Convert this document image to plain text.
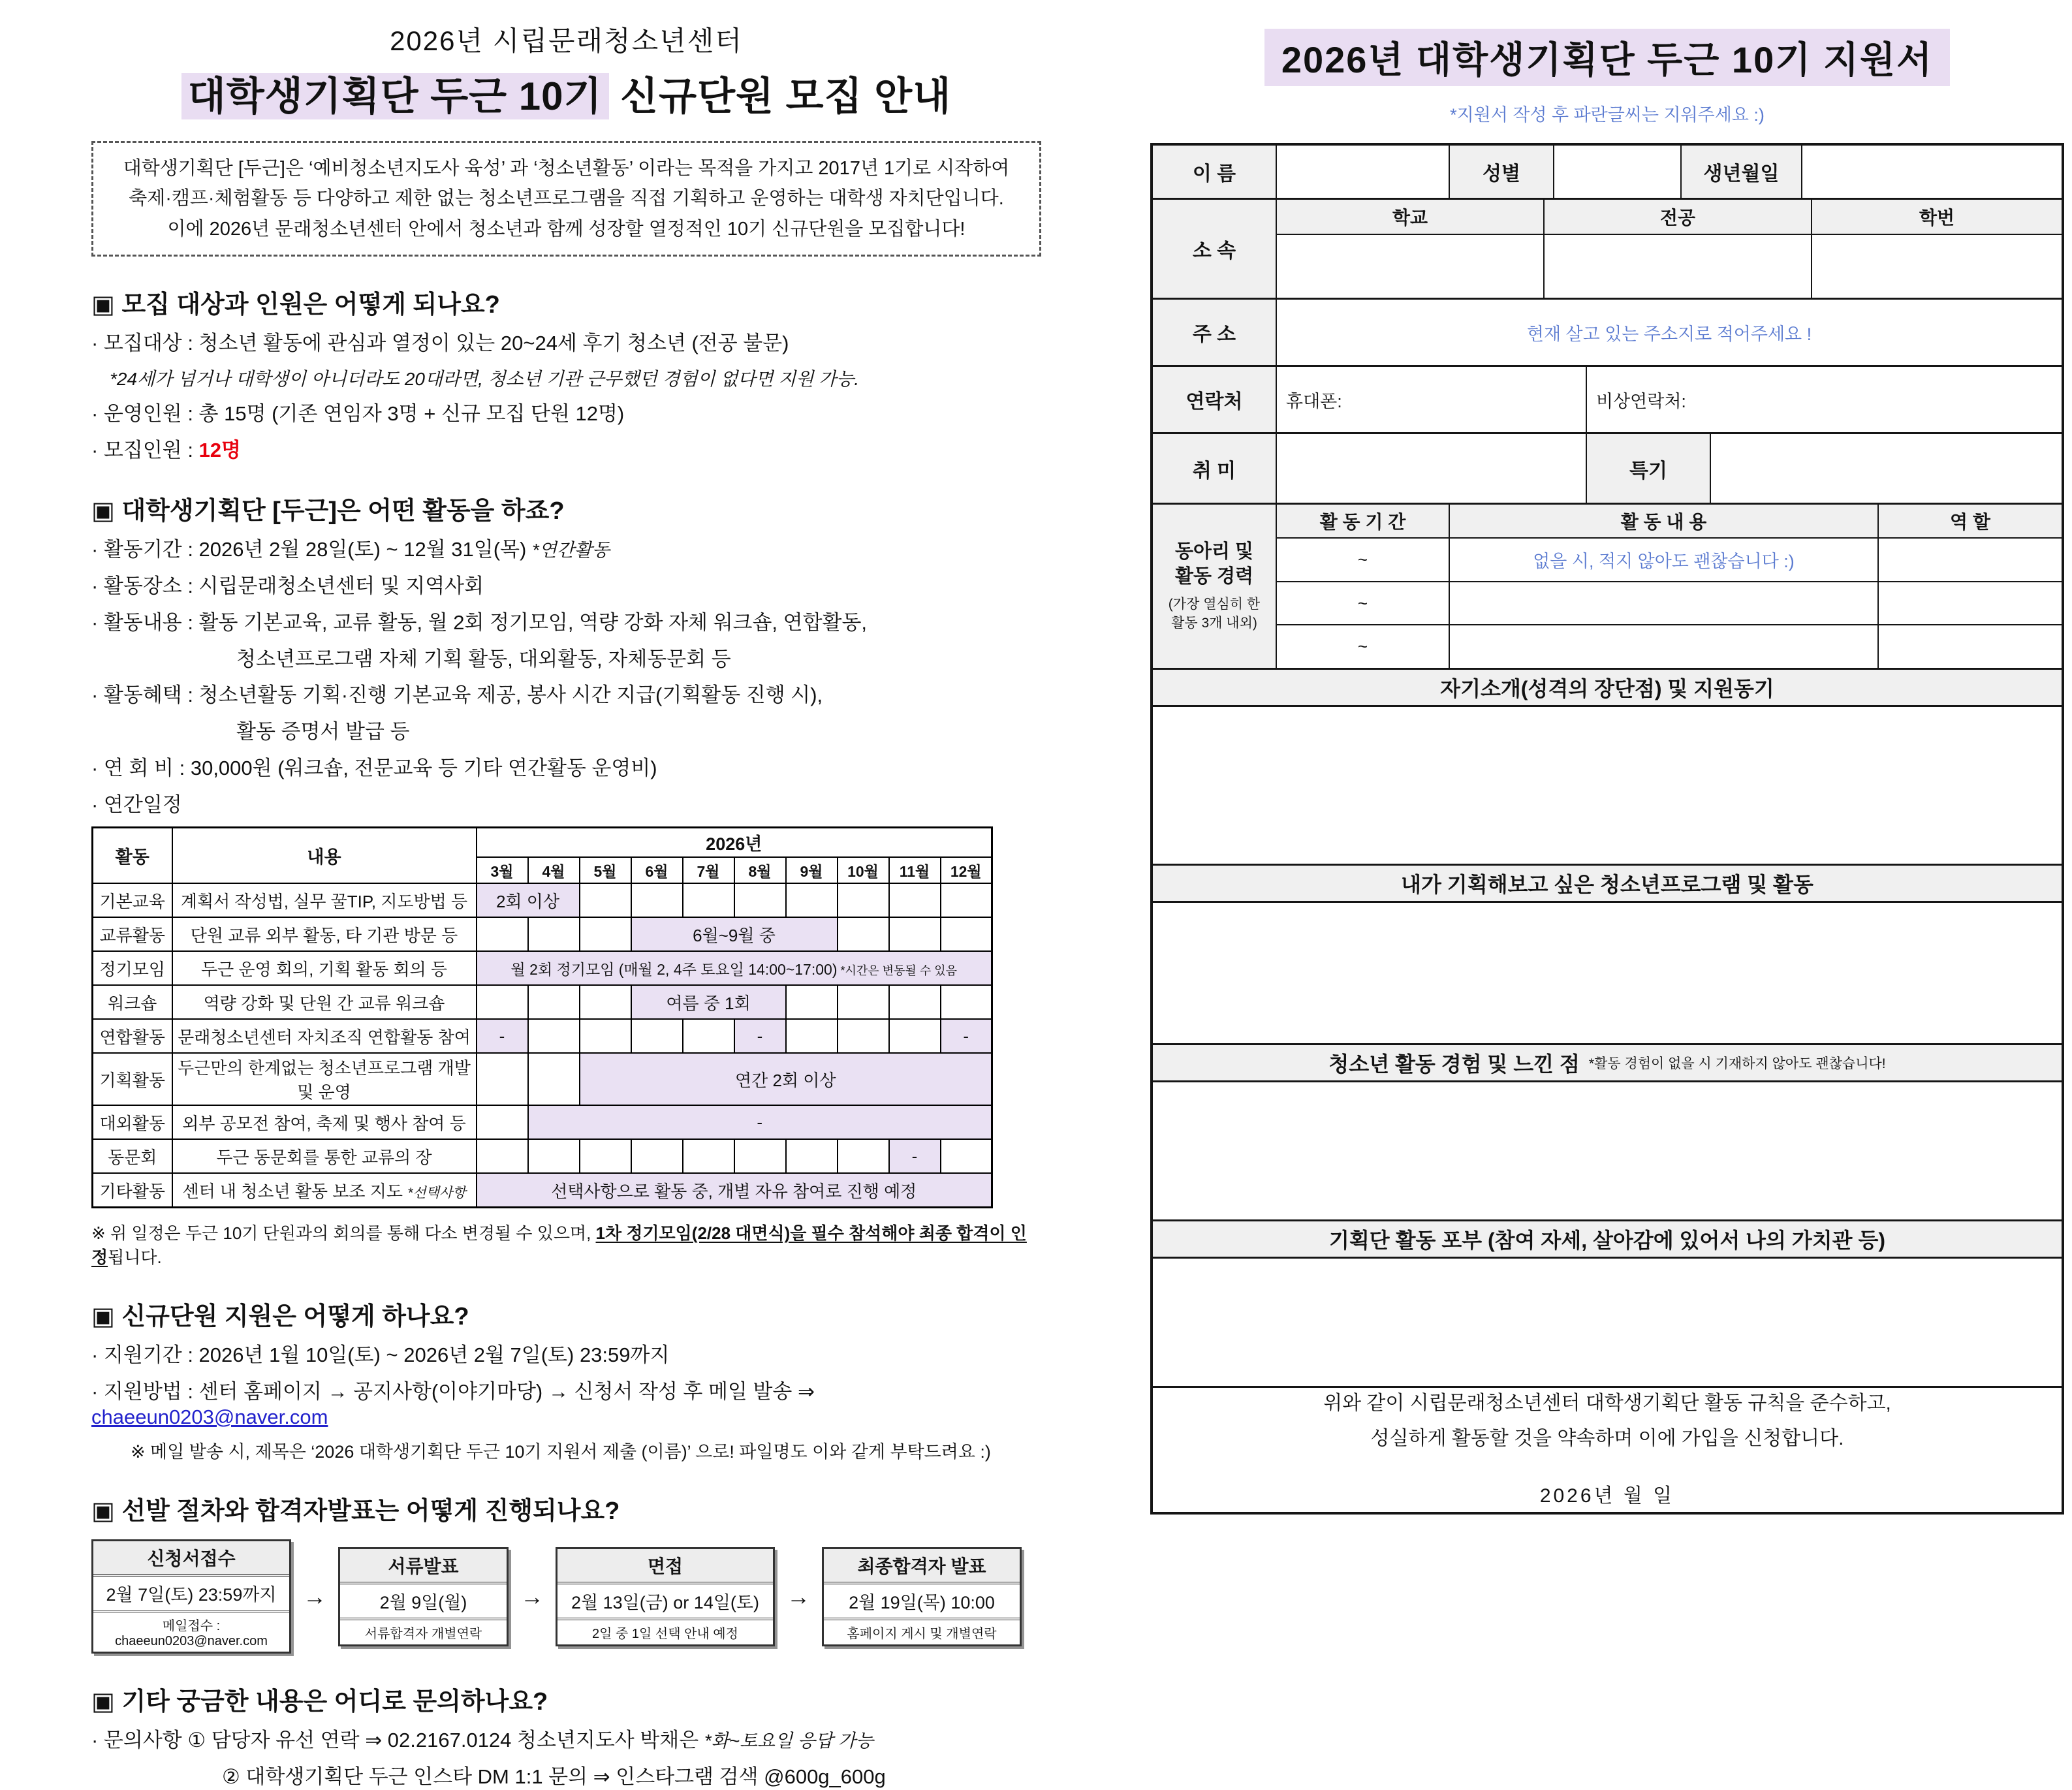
2026년 시립문래청소년센터
대학생기획단 두근 10기 신규단원 모집 안내
대학생기획단 [두근]은 ‘예비청소년지도사 육성’ 과 ‘청소년활동’ 이라는 목적을 가지고 2017년 1기로 시작하여
축제·캠프·체험활동 등 다양하고 제한 없는 청소년프로그램을 직접 기획하고 운영하는 대학생 자치단입니다.
이에 2026년 문래청소년센터 안에서 청소년과 함께 성장할 열정적인 10기 신규단원을 모집합니다!
▣ 모집 대상과 인원은 어떻게 되나요?
· 모집대상 : 청소년 활동에 관심과 열정이 있는 20~24세 후기 청소년 (전공 불문)
*24세가 넘거나 대학생이 아니더라도 20대라면, 청소년 기관 근무했던 경험이 없다면 지원 가능.
· 운영인원 : 총 15명 (기존 연임자 3명 + 신규 모집 단원 12명)
· 모집인원 : 12명
▣ 대학생기획단 [두근]은 어떤 활동을 하죠?
· 활동기간 : 2026년 2월 28일(토) ~ 12월 31일(목) *연간활동
· 활동장소 : 시립문래청소년센터 및 지역사회
· 활동내용 : 활동 기본교육, 교류 활동, 월 2회 정기모임, 역량 강화 자체 워크숍, 연합활동,
청소년프로그램 자체 기획 활동, 대외활동, 자체동문회 등
· 활동혜택 : 청소년활동 기획·진행 기본교육 제공, 봉사 시간 지급(기획활동 진행 시),
활동 증명서 발급 등
· 연 회 비 : 30,000원 (워크숍, 전문교육 등 기타 연간활동 운영비)
· 연간일정
활동	내용	2026년									
		3월	4월	5월	6월	7월	8월	9월	10월	11월	12월
기본교육	계획서 작성법, 실무 꿀TIP, 지도방법 등	2회 이상									
교류활동	단원 교류 외부 활동, 타 기관 방문 등				6월~9월 중						
정기모임	두근 운영 회의, 기획 활동 회의 등	월 2회 정기모임 (매월 2, 4주 토요일 14:00~17:00) *시간은 변동될 수 있음									
워크숍	역량 강화 및 단원 간 교류 워크숍				여름 중 1회						
연합활동	문래청소년센터 자치조직 연합활동 참여	-					-				-
기획활동	두근만의 한계없는 청소년프로그램 개발 및 운영			연간 2회 이상							
대외활동	외부 공모전 참여, 축제 및 행사 참여 등		-								
동문회	두근 동문회를 통한 교류의 장									-	
기타활동	센터 내 청소년 활동 보조 지도 *선택사항	선택사항으로 활동 중, 개별 자유 참여로 진행 예정									
※ 위 일정은 두근 10기 단원과의 회의를 통해 다소 변경될 수 있으며, 1차 정기모임(2/28 대면식)을 필수 참석해야 최종 합격이 인정됩니다.
▣ 신규단원 지원은 어떻게 하나요?
· 지원기간 : 2026년 1월 10일(토) ~ 2026년 2월 7일(토) 23:59까지
· 지원방법 : 센터 홈페이지 → 공지사항(이야기마당) → 신청서 작성 후 메일 발송 ⇒ chaeeun0203@naver.com
※ 메일 발송 시, 제목은 ‘2026 대학생기획단 두근 10기 지원서 제출 (이름)’ 으로! 파일명도 이와 같게 부탁드려요 :)
▣ 선발 절차와 합격자발표는 어떻게 진행되나요?
신청서접수
2월 7일(토) 23:59까지
메일접수 : chaeeun0203@naver.com
→
서류발표
2월 9일(월)
서류합격자 개별연락
→
면접
2월 13일(금) or 14일(토)
2일 중 1일 선택 안내 예정
→
최종합격자 발표
2월 19일(목) 10:00
홈페이지 게시 및 개별연락
▣ 기타 궁금한 내용은 어디로 문의하나요?
· 문의사항 ① 담당자 유선 연락 ⇒ 02.2167.0124 청소년지도사 박채은 *화~토요일 응답 가능
② 대학생기획단 두근 인스타 DM 1:1 문의 ⇒ 인스타그램 검색 @600g_600g
2026년 대학생기획단 두근 10기 지원서
*지원서 작성 후 파란글씨는 지워주세요 :)
이 름	성별	생년월일
소 속
학교	전공	학번
주 소	현재 살고 있는 주소지로 적어주세요 !
연락처	휴대폰:	비상연락처:
취 미	특기
동아리 및
활동 경력
(가장 열심히 한
활동 3개 내외)
활 동 기 간	활 동 내 용	역 할
~	없을 시, 적지 않아도 괜찮습니다 :)
~
~
자기소개(성격의 장단점) 및 지원동기
내가 기획해보고 싶은 청소년프로그램 및 활동
청소년 활동 경험 및 느낀 점 *활동 경험이 없을 시 기재하지 않아도 괜찮습니다!
기획단 활동 포부 (참여 자세, 살아감에 있어서 나의 가치관 등)
위와 같이 시립문래청소년센터 대학생기획단 활동 규칙을 준수하고,
성실하게 활동할 것을 약속하며 이에 가입을 신청합니다.
2026년 월 일
